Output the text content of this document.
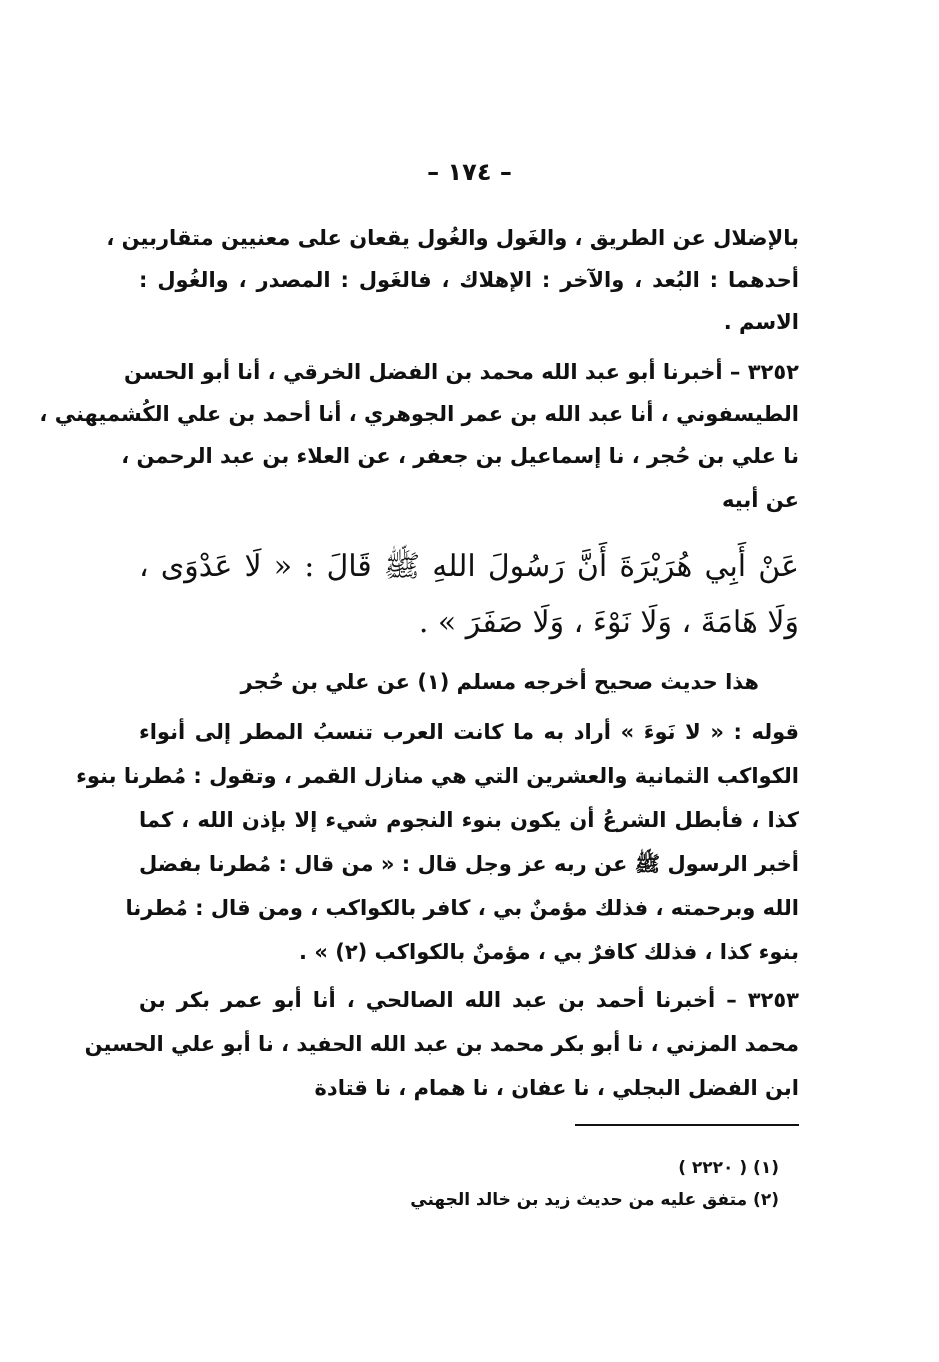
– ١٧٤ –
بالإضلال عن الطريق ، والغَول والغُول يقعان على معنيين متقاربين ،
أحدهما : البُعد ، والآخر : الإهلاك ، فالغَول : المصدر ، والغُول :
الاسم .
٣٢٥٢ – أخبرنا أبو عبد الله محمد بن الفضل الخرقي ، أنا أبو الحسن
الطيسفوني ، أنا عبد الله بن عمر الجوهري ، أنا أحمد بن علي الكُشميهني ،
نا علي بن حُجر ، نا إسماعيل بن جعفر ، عن العلاء بن عبد الرحمن ،
عن أبيه
عَنْ أَبِي هُرَيْرَةَ أَنَّ رَسُولَ اللهِ ﷺ قَالَ : « لَا عَدْوَى ،
وَلَا هَامَةَ ، وَلَا نَوْءَ ، وَلَا صَفَرَ » .
هذا حديث صحيح أخرجه مسلم (١) عن علي بن حُجر
قوله : « لا نَوءَ » أراد به ما كانت العرب تنسبُ المطر إلى أنواء
الكواكب الثمانية والعشرين التي هي منازل القمر ، وتقول : مُطرنا بنوء
كذا ، فأبطل الشرعُ أن يكون بنوء النجوم شيء إلا بإذن الله ، كما
أخبر الرسول ﷺ عن ربه عز وجل قال : « من قال : مُطرنا بفضل
الله وبرحمته ، فذلك مؤمنٌ بي ، كافر بالكواكب ، ومن قال : مُطرنا
بنوء كذا ، فذلك كافرٌ بي ، مؤمنٌ بالكواكب (٢) » .
٣٢٥٣ – أخبرنا أحمد بن عبد الله الصالحي ، أنا أبو عمر بكر بن
محمد المزني ، نا أبو بكر محمد بن عبد الله الحفيد ، نا أبو علي الحسين
ابن الفضل البجلي ، نا عفان ، نا همام ، نا قتادة
(١) ( ٢٢٢٠ )
(٢) متفق عليه من حديث زيد بن خالد الجهني
